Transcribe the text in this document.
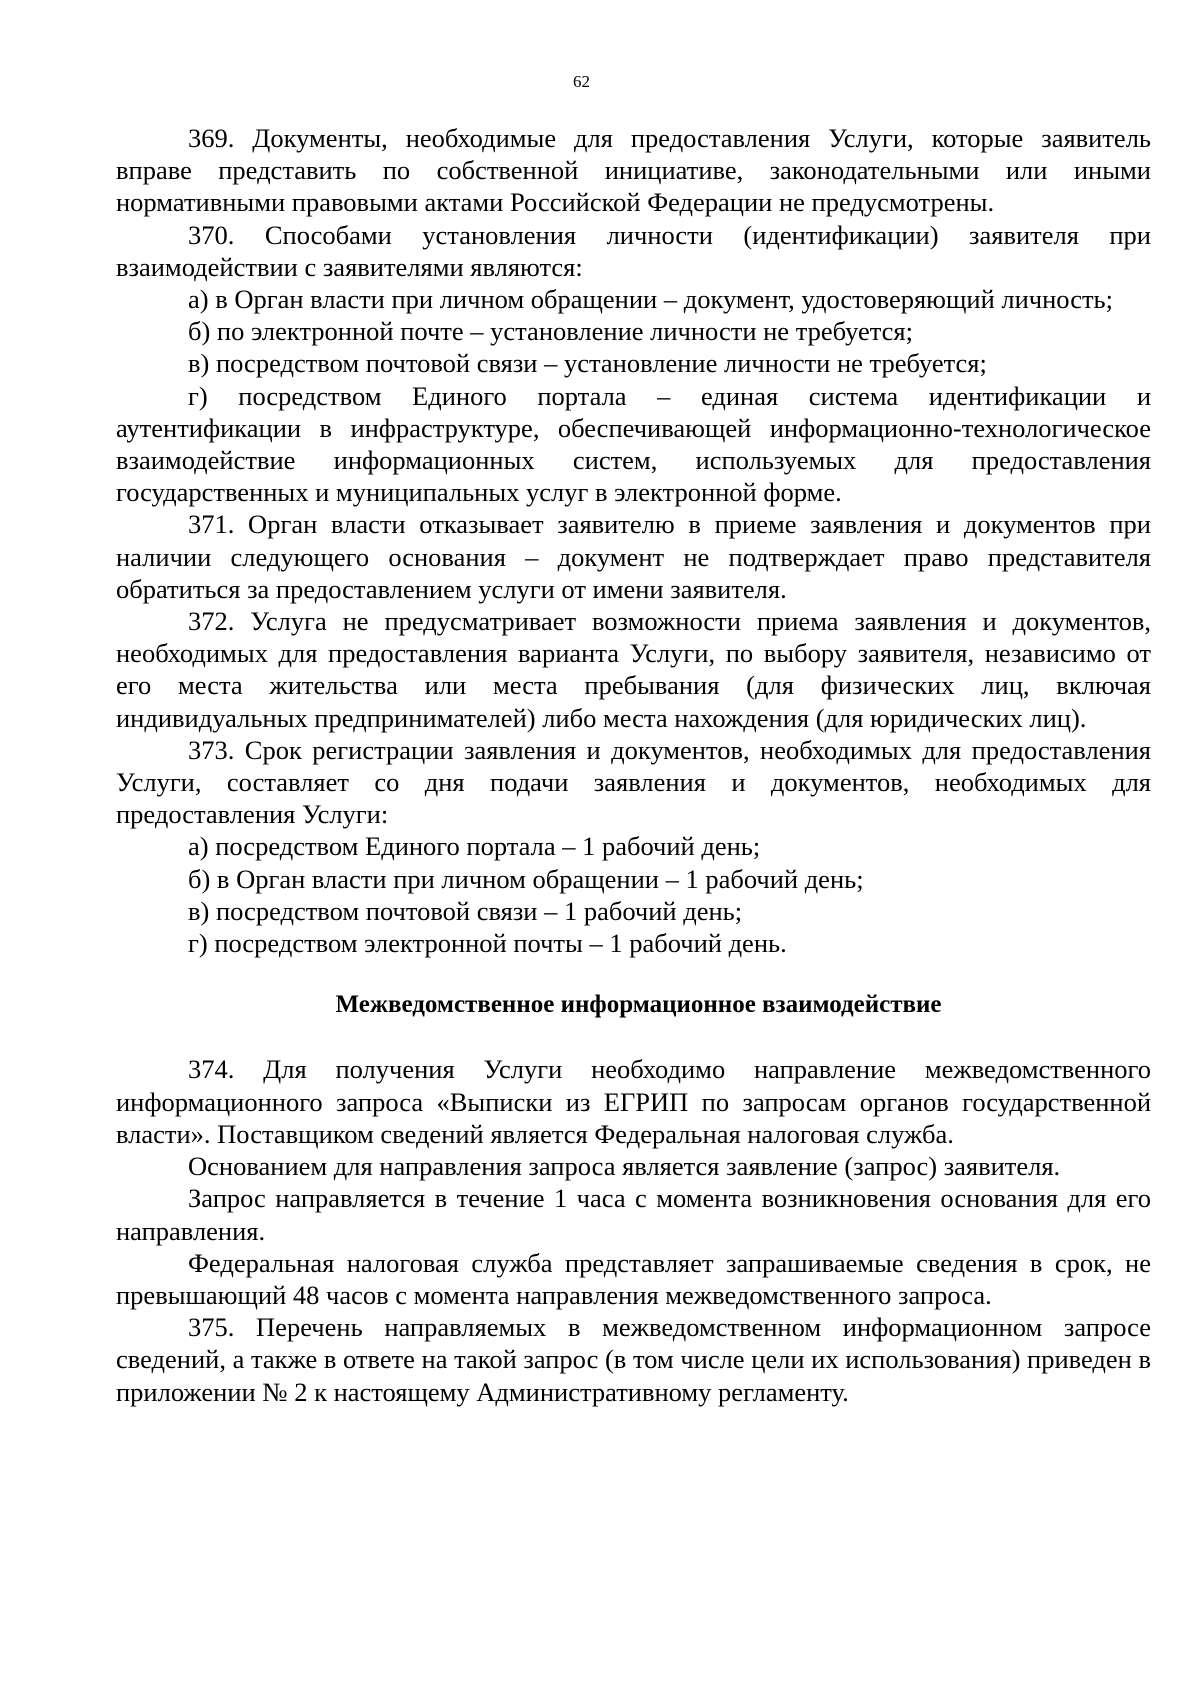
62

369. Документы, необходимые для предоставления Услуги, которые заявитель вправе представить по собственной инициативе, законодательными или иными нормативными правовыми актами Российской Федерации не предусмотрены.

370. Способами установления личности (идентификации) заявителя при взаимодействии с заявителями являются:

а) в Орган власти при личном обращении – документ, удостоверяющий личность;

б) по электронной почте – установление личности не требуется;

в) посредством почтовой связи – установление личности не требуется;

г) посредством Единого портала – единая система идентификации и аутентификации в инфраструктуре, обеспечивающей информационно-технологическое взаимодействие информационных систем, используемых для предоставления государственных и муниципальных услуг в электронной форме.

371. Орган власти отказывает заявителю в приеме заявления и документов при наличии следующего основания – документ не подтверждает право представителя обратиться за предоставлением услуги от имени заявителя.

372. Услуга не предусматривает возможности приема заявления и документов, необходимых для предоставления варианта Услуги, по выбору заявителя, независимо от его места жительства или места пребывания (для физических лиц, включая индивидуальных предпринимателей) либо места нахождения (для юридических лиц).

373. Срок регистрации заявления и документов, необходимых для предоставления Услуги, составляет со дня подачи заявления и документов, необходимых для предоставления Услуги:

а) посредством Единого портала – 1 рабочий день;

б) в Орган власти при личном обращении – 1 рабочий день;

в) посредством почтовой связи – 1 рабочий день;

г) посредством электронной почты – 1 рабочий день.

Межведомственное информационное взаимодействие

374. Для получения Услуги необходимо направление межведомственного информационного запроса «Выписки из ЕГРИП по запросам органов государственной власти». Поставщиком сведений является Федеральная налоговая служба.

Основанием для направления запроса является заявление (запрос) заявителя.

Запрос направляется в течение 1 часа с момента возникновения основания для его направления.

Федеральная налоговая служба представляет запрашиваемые сведения в срок, не превышающий 48 часов с момента направления межведомственного запроса.

375. Перечень направляемых в межведомственном информационном запросе сведений, а также в ответе на такой запрос (в том числе цели их использования) приведен в приложении № 2 к настоящему Административному регламенту.
